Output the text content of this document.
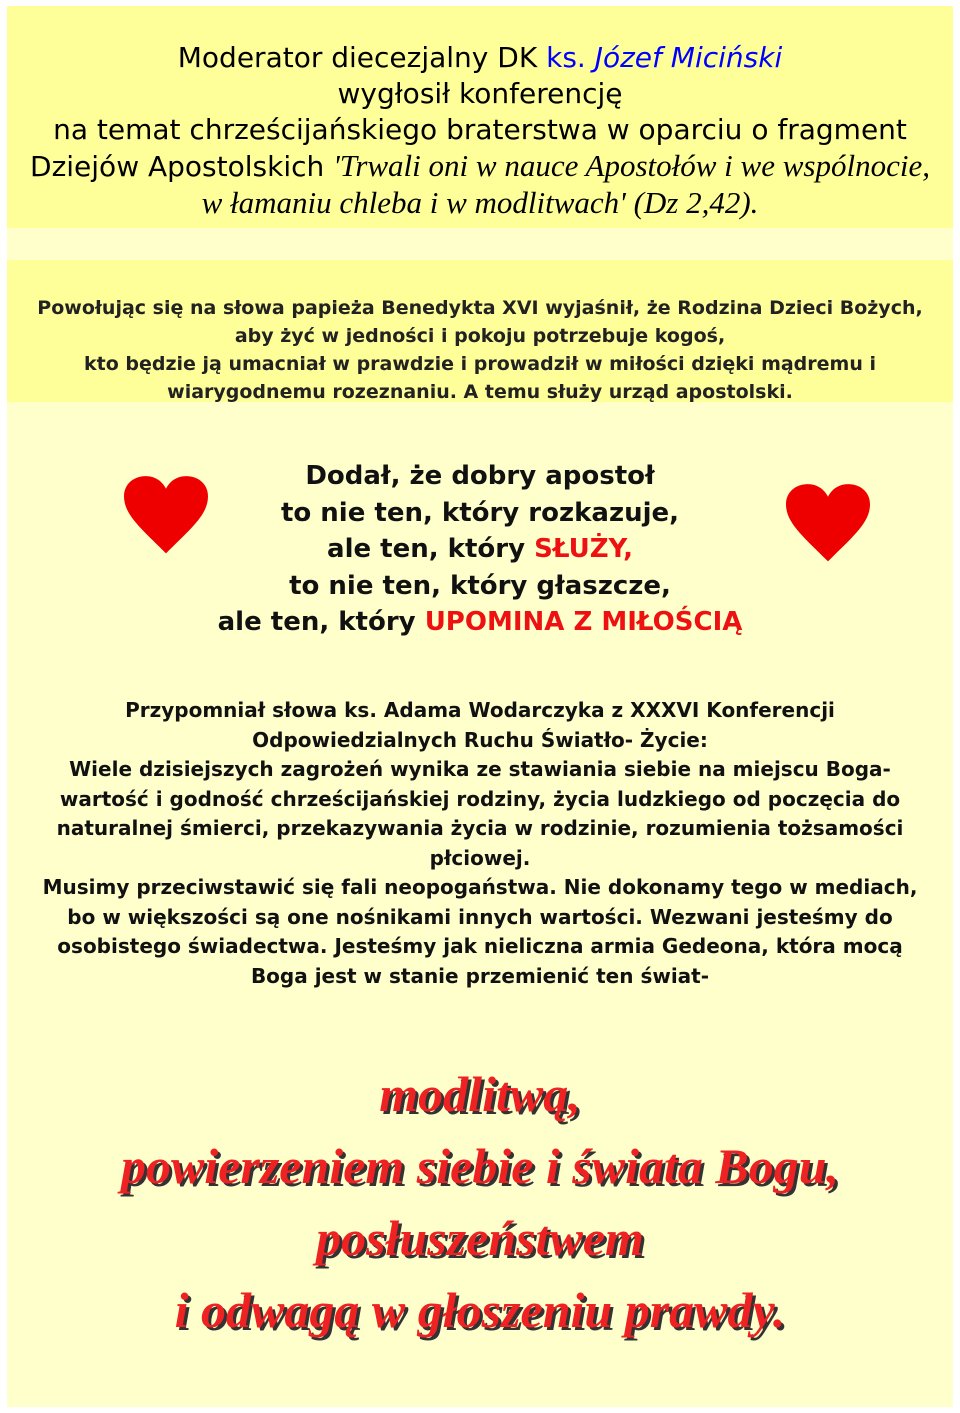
Moderator diecezjalny DK ks. Józef Miciński
wygłosił konferencję
na temat chrześcijańskiego braterstwa w oparciu o fragment
Dziejów Apostolskich 'Trwali oni w nauce Apostołów i we wspólnocie,
w łamaniu chleba i w modlitwach' (Dz 2,42).
Powołując się na słowa papieża Benedykta XVI wyjaśnił, że Rodzina Dzieci Bożych,
aby żyć w jedności i pokoju potrzebuje kogoś,
kto będzie ją umacniał w prawdzie i prowadził w miłości dzięki mądremu i
wiarygodnemu rozeznaniu. A temu służy urząd apostolski.
Dodał, że dobry apostoł
to nie ten, który rozkazuje,
ale ten, który SŁUŻY,
to nie ten, który głaszcze,
ale ten, który UPOMINA Z MIŁOŚCIĄ
Przypomniał słowa ks. Adama Wodarczyka z XXXVI Konferencji
Odpowiedzialnych Ruchu Światło- Życie:
Wiele dzisiejszych zagrożeń wynika ze stawiania siebie na miejscu Boga-
wartość i godność chrześcijańskiej rodziny, życia ludzkiego od poczęcia do
naturalnej śmierci, przekazywania życia w rodzinie, rozumienia tożsamości
płciowej.
Musimy przeciwstawić się fali neopogaństwa. Nie dokonamy tego w mediach,
bo w większości są one nośnikami innych wartości. Wezwani jesteśmy do
osobistego świadectwa. Jesteśmy jak nieliczna armia Gedeona, która mocą
Boga jest w stanie przemienić ten świat-
modlitwą,
powierzeniem siebie i świata Bogu,
posłuszeństwem
i odwagą w głoszeniu prawdy.
